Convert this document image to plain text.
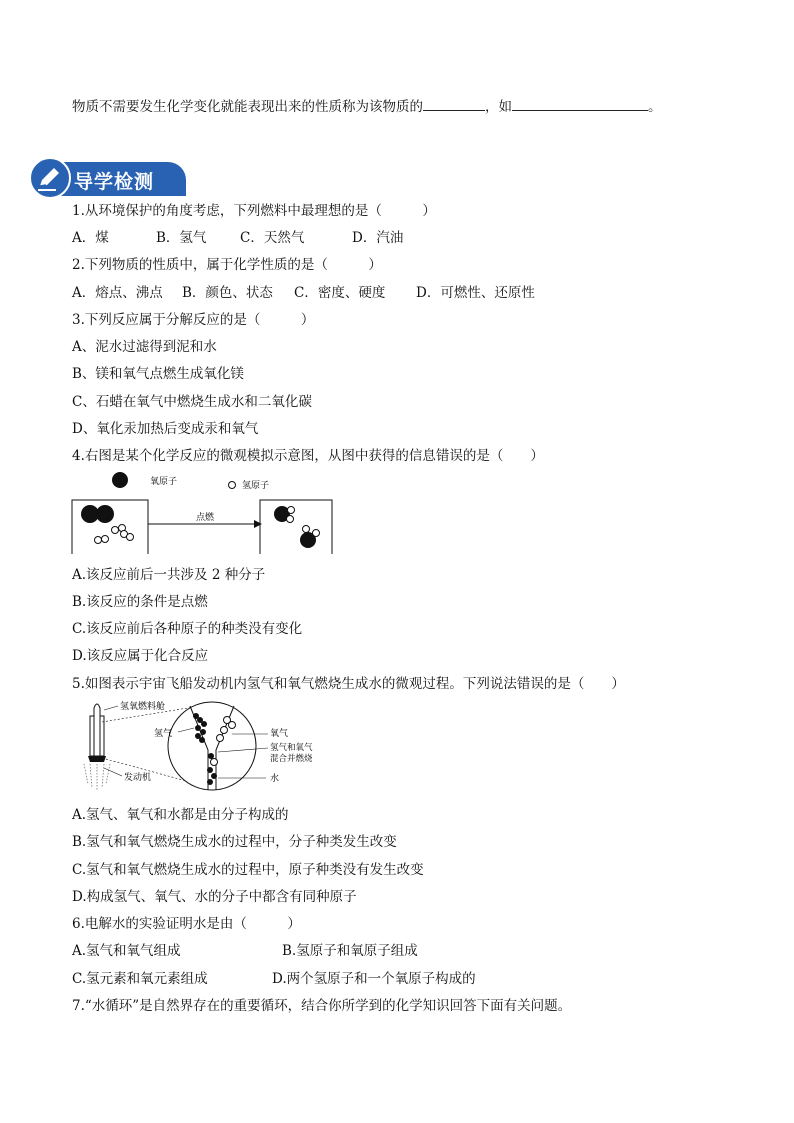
物质不需要发生化学变化就能表现出来的性质称为该物质的	，如	。
导学检测
1.从环境保护的角度考虑，下列燃料中最理想的是（　　　）
A．煤	B．氢气 C．天然气	D．汽油
2.下列物质的性质中，属于化学性质的是（　　　）
A．熔点、沸点 B．颜色、状态 C．密度、硬度 D．可燃性、还原性
3.下列反应属于分解反应的是（　　　）
A、泥水过滤得到泥和水
B、镁和氧气点燃生成氧化镁
C、石蜡在氧气中燃烧生成水和二氧化碳
D、氧化汞加热后变成汞和氧气
4.右图是某个化学反应的微观模拟示意图，从图中获得的信息错误的是（　　）
氧原子	氢原子
点燃
A.该反应前后一共涉及 2 种分子
B.该反应的条件是点燃
C.该反应前后各种原子的种类没有变化
D.该反应属于化合反应
5.如图表示宇宙飞船发动机内氢气和氧气燃烧生成水的微观过程。下列说法错误的是（　　）
氢氧燃料舱
发动机
氢气	氧气
氢气和氧气
混合并燃烧
水
A.氢气、氧气和水都是由分子构成的
B.氢气和氧气燃烧生成水的过程中，分子种类发生改变
C.氢气和氧气燃烧生成水的过程中，原子种类没有发生改变
D.构成氢气、氧气、水的分子中都含有同种原子
6.电解水的实验证明水是由（　　　）
A.氢气和氧气组成	B.氢原子和氧原子组成
C.氢元素和氧元素组成	D.两个氢原子和一个氧原子构成的
7.“水循环”是自然界存在的重要循环，结合你所学到的化学知识回答下面有关问题。
